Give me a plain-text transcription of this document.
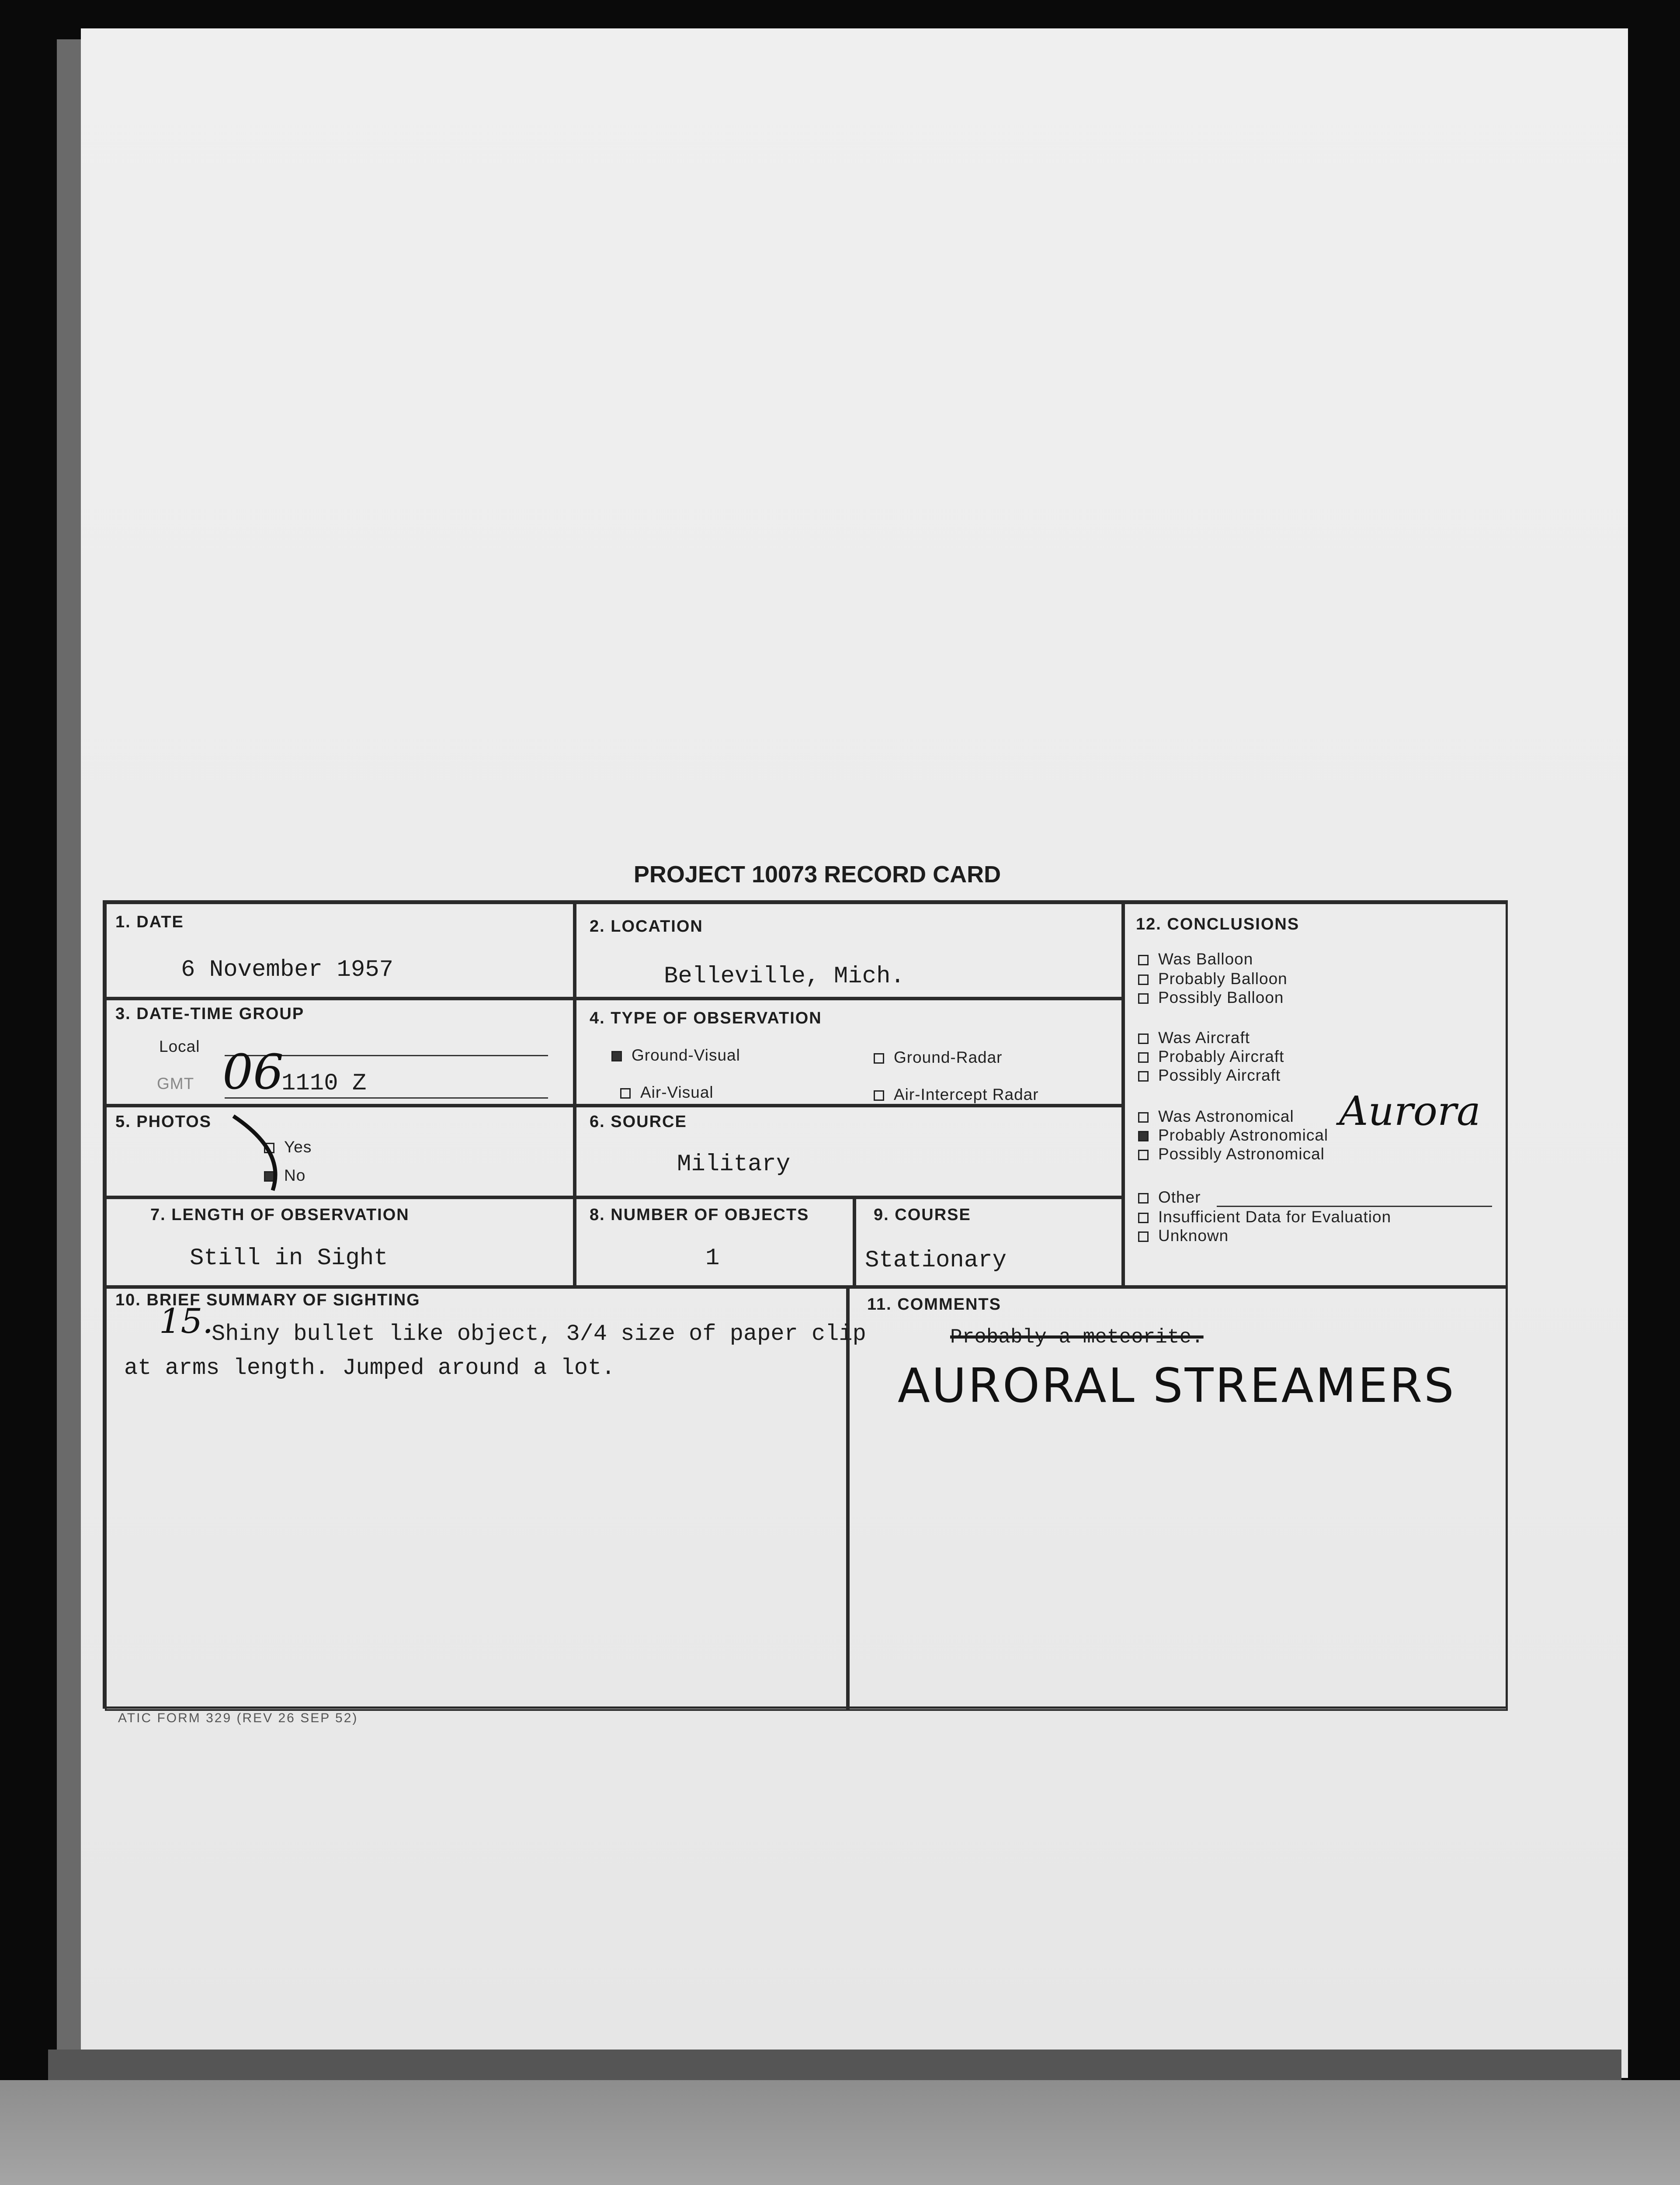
PROJECT 10073 RECORD CARD
1. DATE
6 November 1957
2. LOCATION
Belleville, Mich.
3. DATE-TIME GROUP
Local
GMT 06
1110 Z
4. TYPE OF OBSERVATION
Ground-Visual	Ground-Radar
Air-Visual	Air-Intercept Radar
5. PHOTOS
Yes
No
6. SOURCE
Military
7. LENGTH OF OBSERVATION
Still in Sight
8. NUMBER OF OBJECTS
1
9. COURSE
Stationary
10. BRIEF SUMMARY OF SIGHTING
15.
Shiny bullet like object, 3/4 size of paper clip at arms length. Jumped around a lot.
11. COMMENTS
Probably a meteorite.
AURORAL STREAMERS
12. CONCLUSIONS
Was Balloon
Probably Balloon
Possibly Balloon
Was Aircraft
Probably Aircraft
Possibly Aircraft
Was Astronomical
Probably Astronomical
Possibly Astronomical
Aurora
Other
Insufficient Data for Evaluation
Unknown
ATIC FORM 329 (REV 26 SEP 52)
